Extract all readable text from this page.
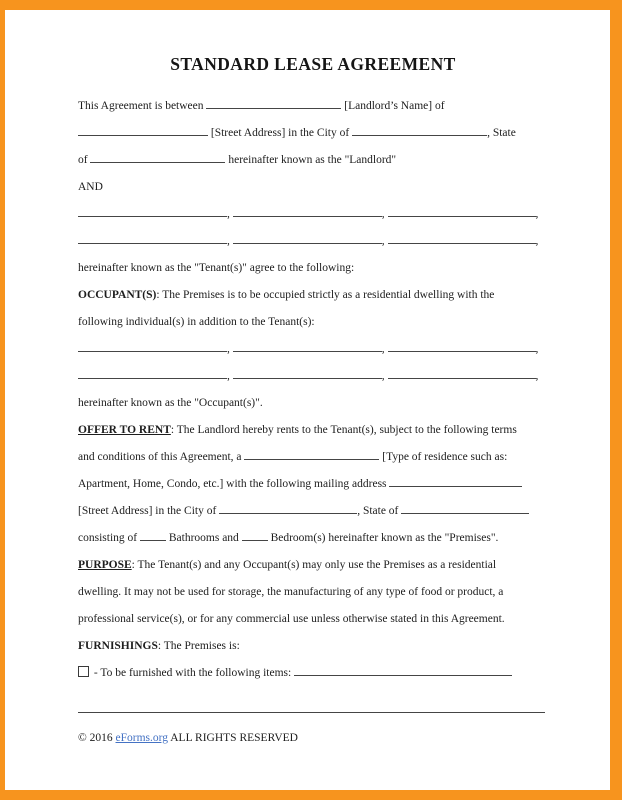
STANDARD LEASE AGREEMENT
This Agreement is between	[Landlord’s Name] of
[Street Address] in the City of	, State
of	hereinafter known as the "Landlord"
AND
,	,	,
,	,	,
hereinafter known as the "Tenant(s)" agree to the following:
OCCUPANT(S): The Premises is to be occupied strictly as a residential dwelling with the
following individual(s) in addition to the Tenant(s):
,	,	,
,	,	,
hereinafter known as the "Occupant(s)".
OFFER TO RENT: The Landlord hereby rents to the Tenant(s), subject to the following terms
and conditions of this Agreement, a	[Type of residence such as:
Apartment, Home, Condo, etc.] with the following mailing address
[Street Address] in the City of	, State of
consisting of  Bathrooms and  Bedroom(s) hereinafter known as the "Premises".
PURPOSE: The Tenant(s) and any Occupant(s) may only use the Premises as a residential
dwelling. It may not be used for storage, the manufacturing of any type of food or product, a
professional service(s), or for any commercial use unless otherwise stated in this Agreement.
FURNISHINGS: The Premises is:
- To be furnished with the following items:
© 2016 eForms.org ALL RIGHTS RESERVED
